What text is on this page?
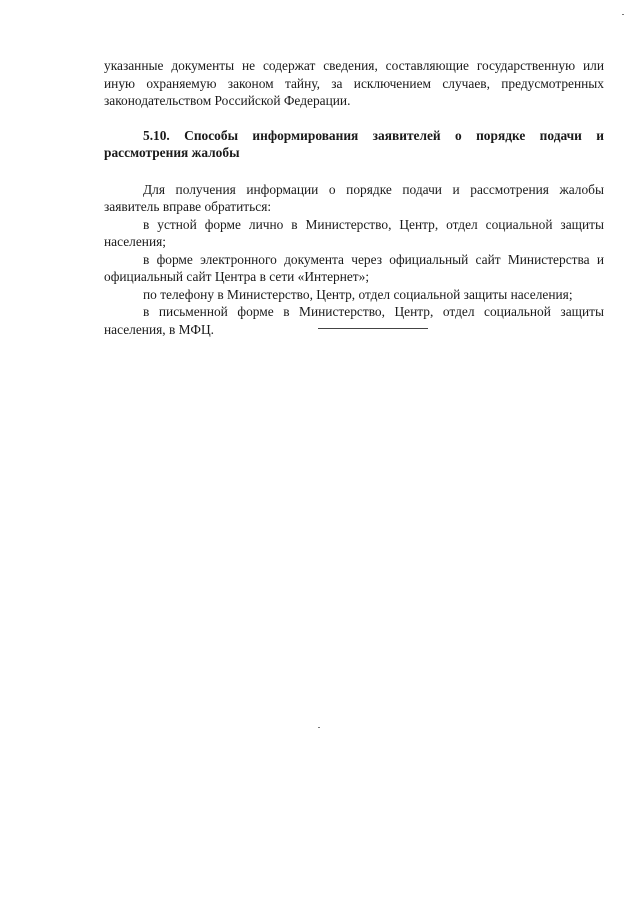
указанные документы не содержат сведения, составляющие государственную или иную охраняемую законом тайну, за исключением случаев, предусмотренных законодательством Российской Федерации.

5.10. Способы информирования заявителей о порядке подачи и рассмотрения жалобы

Для получения информации о порядке подачи и рассмотрения жалобы заявитель вправе обратиться:

в устной форме лично в Министерство, Центр, отдел социальной защиты населения;

в форме электронного документа через официальный сайт Министерства и официальный сайт Центра в сети «Интернет»;

по телефону в Министерство, Центр, отдел социальной защиты населения;

в письменной форме в Министерство, Центр, отдел социальной защиты населения, в МФЦ.
